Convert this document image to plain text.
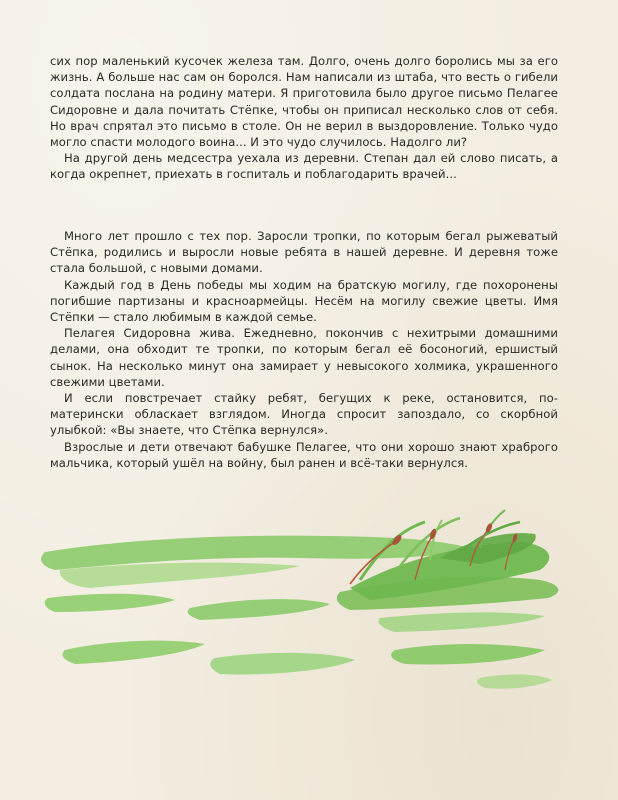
сих пор маленький кусочек железа там. Долго, очень долго боролись мы за его жизнь. А больше нас сам он боролся. Нам написали из штаба, что весть о гибели солдата послана на родину матери. Я приготовила было другое письмо Пелагее Сидоровне и дала почитать Стёпке, чтобы он приписал несколько слов от себя. Но врач спрятал это письмо в столе. Он не верил в выздоровление. Только чудо могло спасти молодого воина... И это чудо случилось. Надолго ли?

На другой день медсестра уехала из деревни. Степан дал ей слово писать, а когда окрепнет, приехать в госпиталь и поблагодарить врачей...

Много лет прошло с тех пор. Заросли тропки, по которым бегал рыжеватый Стёпка, родились и выросли новые ребята в нашей деревне. И деревня тоже стала большой, с новыми домами.

Каждый год в День победы мы ходим на братскую могилу, где похоронены погибшие партизаны и красноармейцы. Несём на могилу свежие цветы. Имя Стёпки — стало любимым в каждой семье.

Пелагея Сидоровна жива. Ежедневно, покончив с нехитрыми домашними делами, она обходит те тропки, по которым бегал её босоногий, ершистый сынок. На несколько минут она замирает у невысокого холмика, украшенного свежими цветами.

И если повстречает стайку ребят, бегущих к реке, остановится, по-матерински обласкает взглядом. Иногда спросит запоздало, со скорбной улыбкой: «Вы знаете, что Стёпка вернулся».

Взрослые и дети отвечают бабушке Пелагее, что они хорошо знают храброго мальчика, который ушёл на войну, был ранен и всё-таки вернулся.
